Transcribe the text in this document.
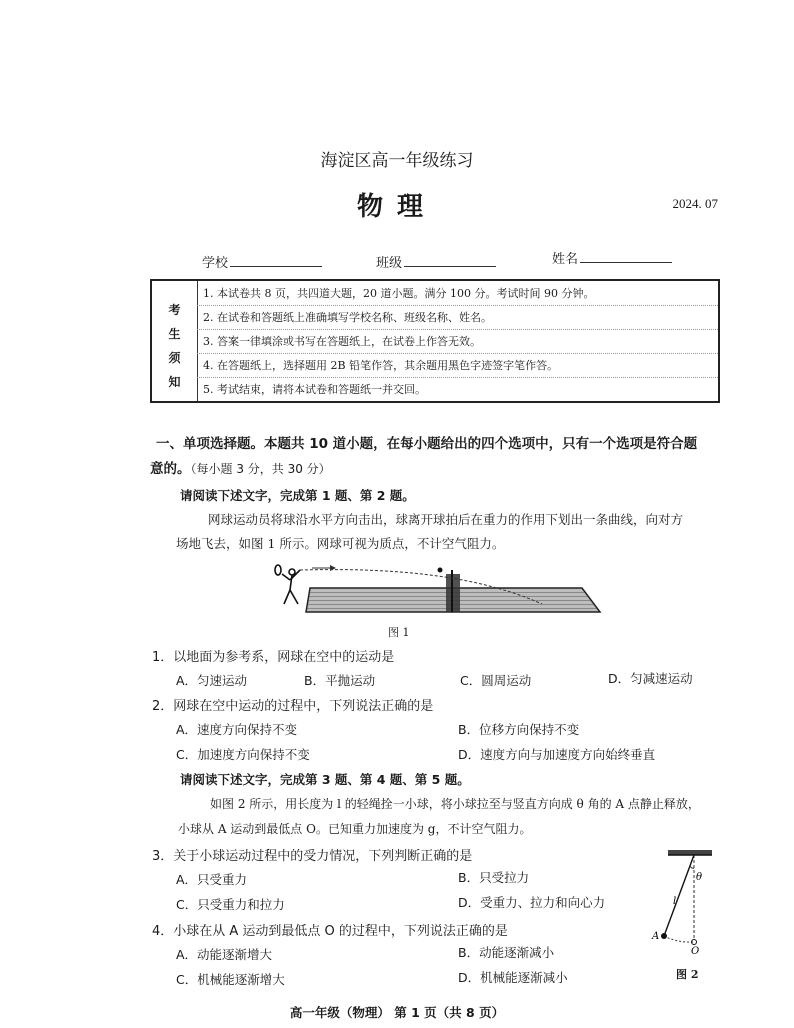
海淀区高一年级练习
物理	2024. 07
学校	班级	姓名
考
生
须
知
1. 本试卷共 8 页，共四道大题，20 道小题。满分 100 分。考试时间 90 分钟。
2. 在试卷和答题纸上准确填写学校名称、班级名称、姓名。
3. 答案一律填涂或书写在答题纸上，在试卷上作答无效。
4. 在答题纸上，选择题用 2B 铅笔作答，其余题用黑色字迹签字笔作答。
5. 考试结束，请将本试卷和答题纸一并交回。
一、单项选择题。本题共 10 道小题，在每小题给出的四个选项中，只有一个选项是符合题
意的。（每小题 3 分，共 30 分）
请阅读下述文字，完成第 1 题、第 2 题。
网球运动员将球沿水平方向击出，球离开球拍后在重力的作用下划出一条曲线，向对方
场地飞去，如图 1 所示。网球可视为质点，不计空气阻力。
图 1
1．以地面为参考系，网球在空中的运动是
A．匀速运动	B．平抛运动	C．圆周运动	D．匀减速运动
2．网球在空中运动的过程中，下列说法正确的是
A．速度方向保持不变	B．位移方向保持不变
C．加速度方向保持不变	D．速度方向与加速度方向始终垂直
请阅读下述文字，完成第 3 题、第 4 题、第 5 题。
如图 2 所示，用长度为 l 的轻绳拴一小球，将小球拉至与竖直方向成 θ 角的 A 点静止释放，
小球从 A 运动到最低点 O。已知重力加速度为 g，不计空气阻力。
3．关于小球运动过程中的受力情况，下列判断正确的是
A．只受重力	B．只受拉力
C．只受重力和拉力	D．受重力、拉力和向心力
4．小球在从 A 运动到最低点 O 的过程中，下列说法正确的是
A．动能逐渐增大	B．动能逐渐减小
C．机械能逐渐增大	D．机械能逐渐减小
θ
l
A
O
图 2
高一年级（物理） 第 1 页（共 8 页）
